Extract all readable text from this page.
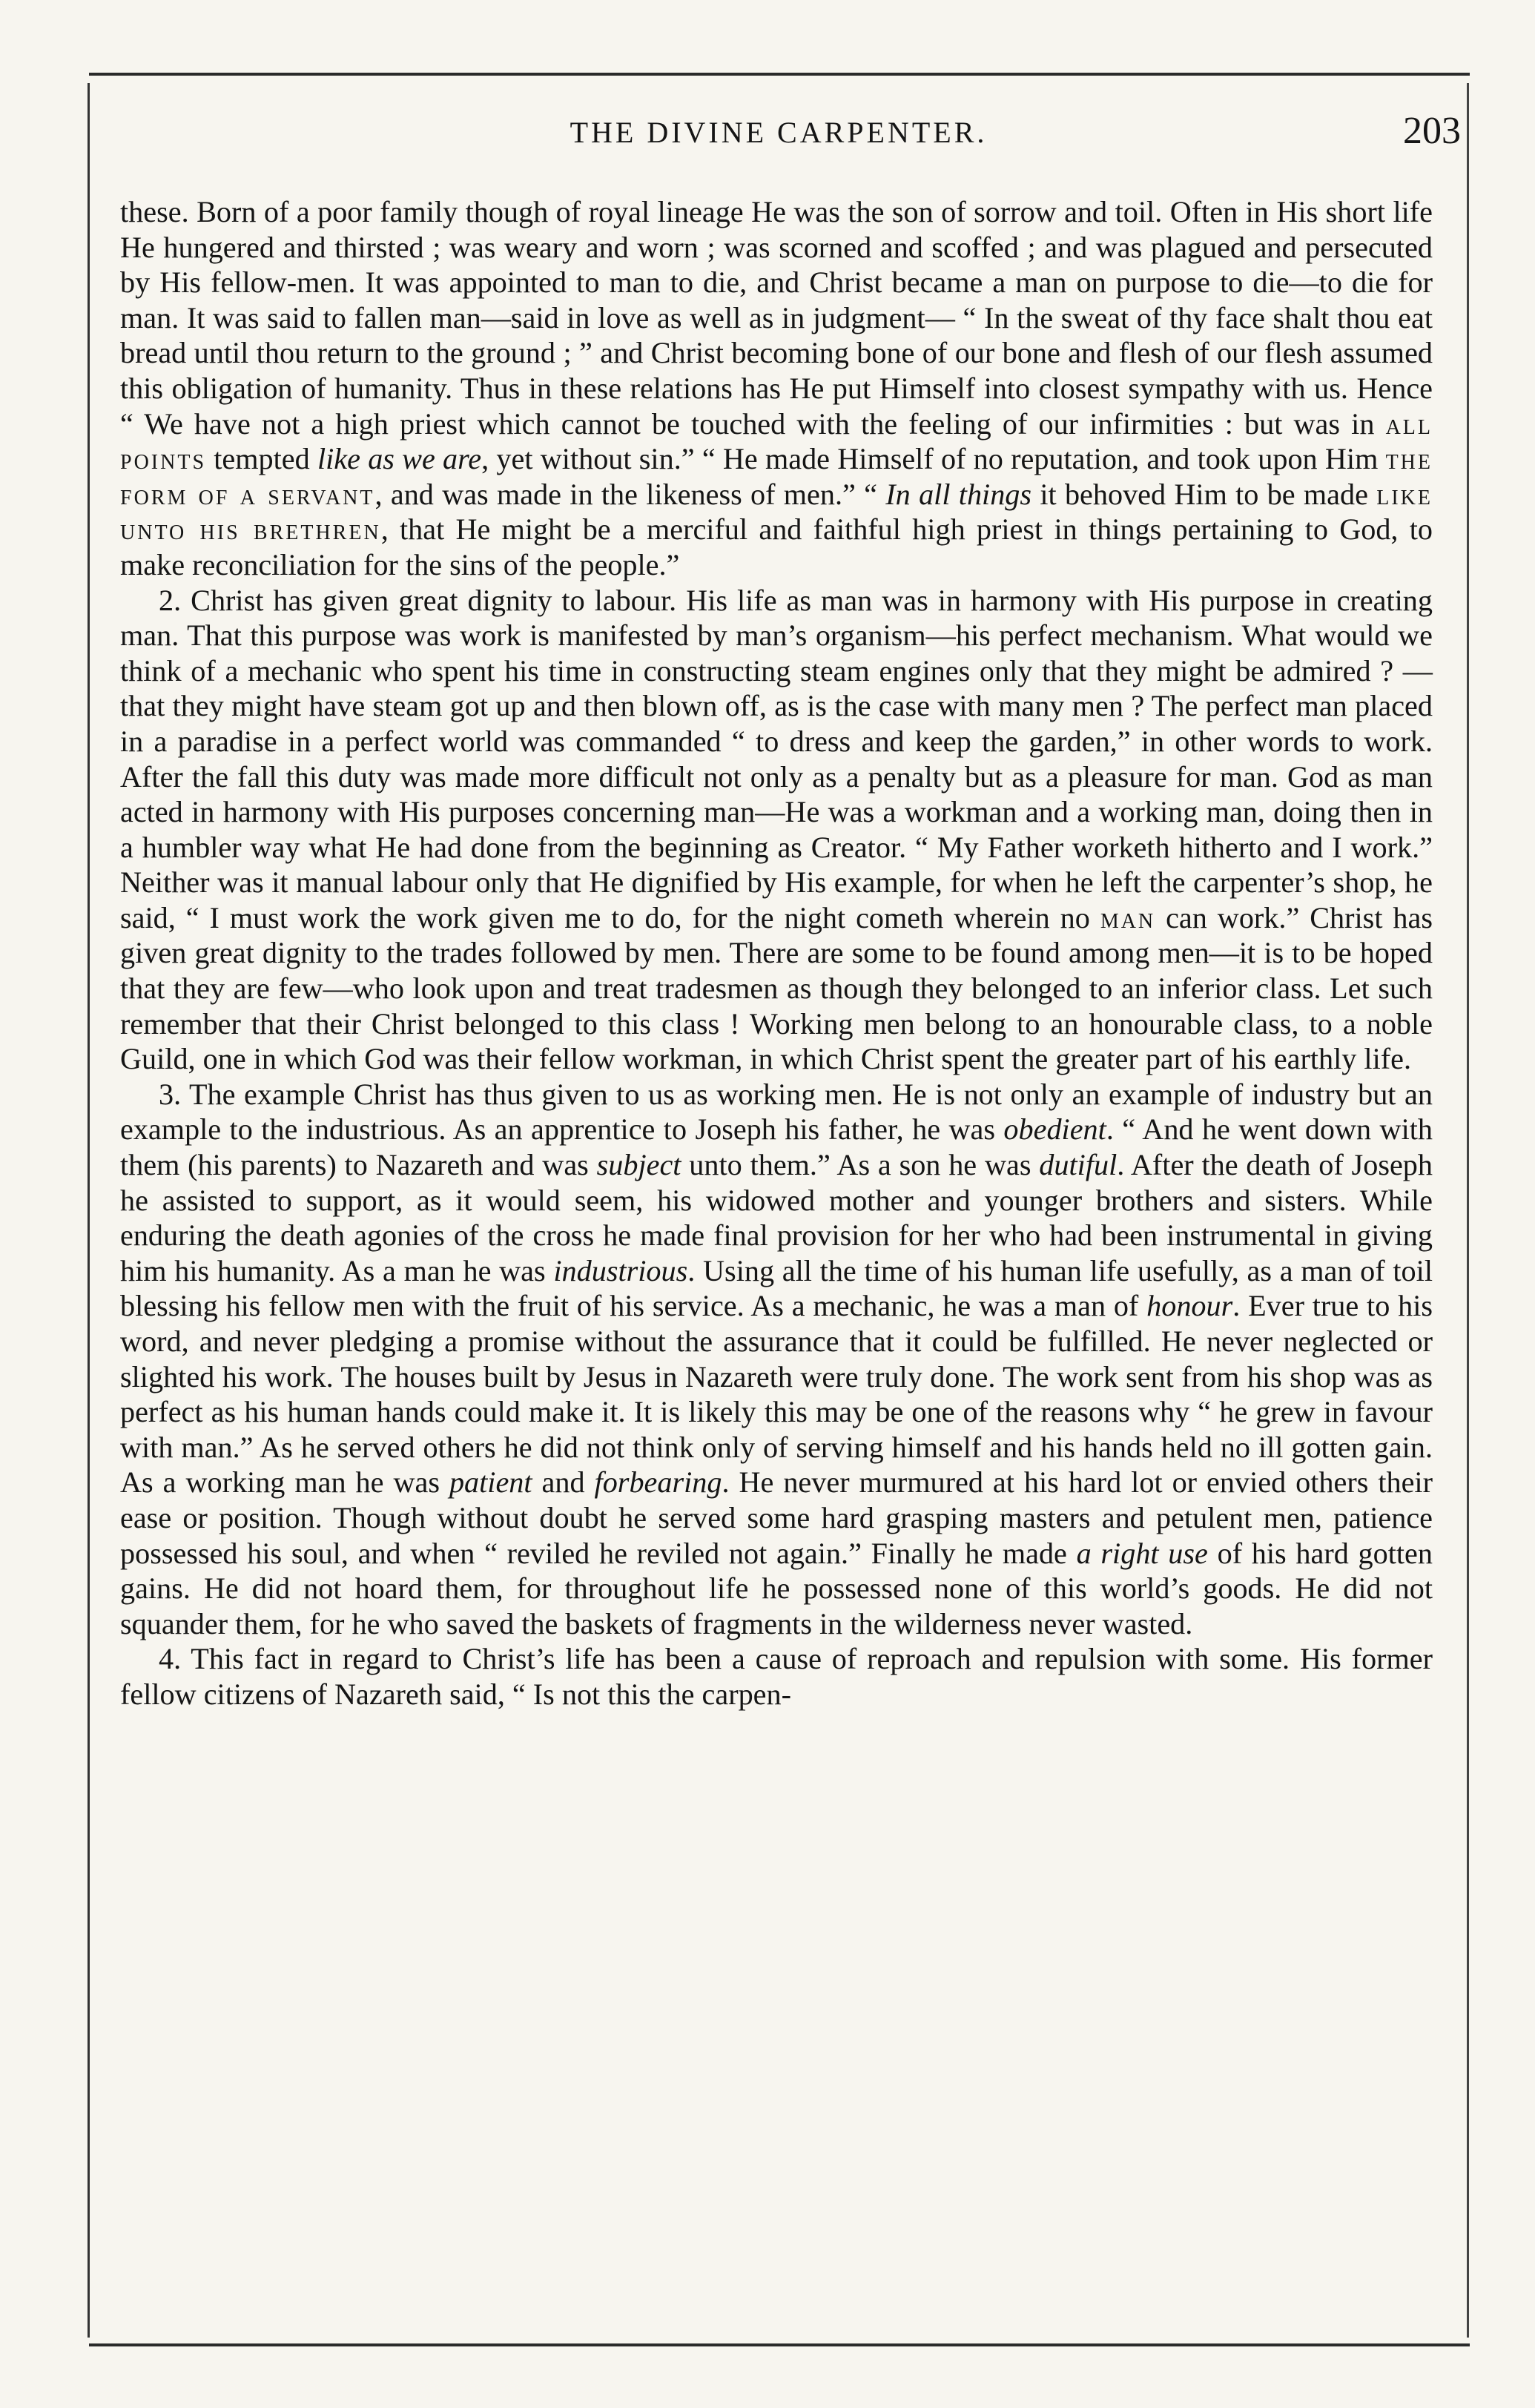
THE DIVINE CARPENTER.	203

these. Born of a poor family though of royal lineage He was the son of sorrow and toil. Often in His short life He hungered and thirsted ; was weary and worn ; was scorned and scoffed ; and was plagued and persecuted by His fellow-men. It was appointed to man to die, and Christ became a man on purpose to die—to die for man. It was said to fallen man—said in love as well as in judgment— “ In the sweat of thy face shalt thou eat bread until thou return to the ground ; ” and Christ becoming bone of our bone and flesh of our flesh assumed this obligation of humanity. Thus in these relations has He put Himself into closest sympathy with us. Hence “ We have not a high priest which cannot be touched with the feeling of our infirmities : but was in all points tempted like as we are, yet without sin.” “ He made Himself of no reputation, and took upon Him the form of a servant, and was made in the likeness of men.” “ In all things it behoved Him to be made like unto his brethren, that He might be a merciful and faithful high priest in things pertaining to God, to make reconciliation for the sins of the people.”

2. Christ has given great dignity to labour. His life as man was in harmony with His purpose in creating man. That this purpose was work is manifested by man’s organism—his perfect mechanism. What would we think of a mechanic who spent his time in constructing steam engines only that they might be admired ? —that they might have steam got up and then blown off, as is the case with many men ? The perfect man placed in a paradise in a perfect world was commanded “ to dress and keep the garden,” in other words to work. After the fall this duty was made more difficult not only as a penalty but as a pleasure for man. God as man acted in harmony with His purposes concerning man—He was a workman and a working man, doing then in a humbler way what He had done from the beginning as Creator. “ My Father worketh hitherto and I work.” Neither was it manual labour only that He dignified by His example, for when he left the carpenter’s shop, he said, “ I must work the work given me to do, for the night cometh wherein no man can work.” Christ has given great dignity to the trades followed by men. There are some to be found among men—it is to be hoped that they are few—who look upon and treat tradesmen as though they belonged to an inferior class. Let such remember that their Christ belonged to this class ! Working men belong to an honourable class, to a noble Guild, one in which God was their fellow workman, in which Christ spent the greater part of his earthly life.

3. The example Christ has thus given to us as working men. He is not only an example of industry but an example to the industrious. As an apprentice to Joseph his father, he was obedient. “ And he went down with them (his parents) to Nazareth and was subject unto them.” As a son he was dutiful. After the death of Joseph he assisted to support, as it would seem, his widowed mother and younger brothers and sisters. While enduring the death agonies of the cross he made final provision for her who had been instrumental in giving him his humanity. As a man he was industrious. Using all the time of his human life usefully, as a man of toil blessing his fellow men with the fruit of his service. As a mechanic, he was a man of honour. Ever true to his word, and never pledging a promise without the assurance that it could be fulfilled. He never neglected or slighted his work. The houses built by Jesus in Nazareth were truly done. The work sent from his shop was as perfect as his human hands could make it. It is likely this may be one of the reasons why “ he grew in favour with man.” As he served others he did not think only of serving himself and his hands held no ill gotten gain. As a working man he was patient and forbearing. He never murmured at his hard lot or envied others their ease or position. Though without doubt he served some hard grasping masters and petulent men, patience possessed his soul, and when “ reviled he reviled not again.” Finally he made a right use of his hard gotten gains. He did not hoard them, for throughout life he possessed none of this world’s goods. He did not squander them, for he who saved the baskets of fragments in the wilderness never wasted.

4. This fact in regard to Christ’s life has been a cause of reproach and repulsion with some. His former fellow citizens of Nazareth said, “ Is not this the carpen-
